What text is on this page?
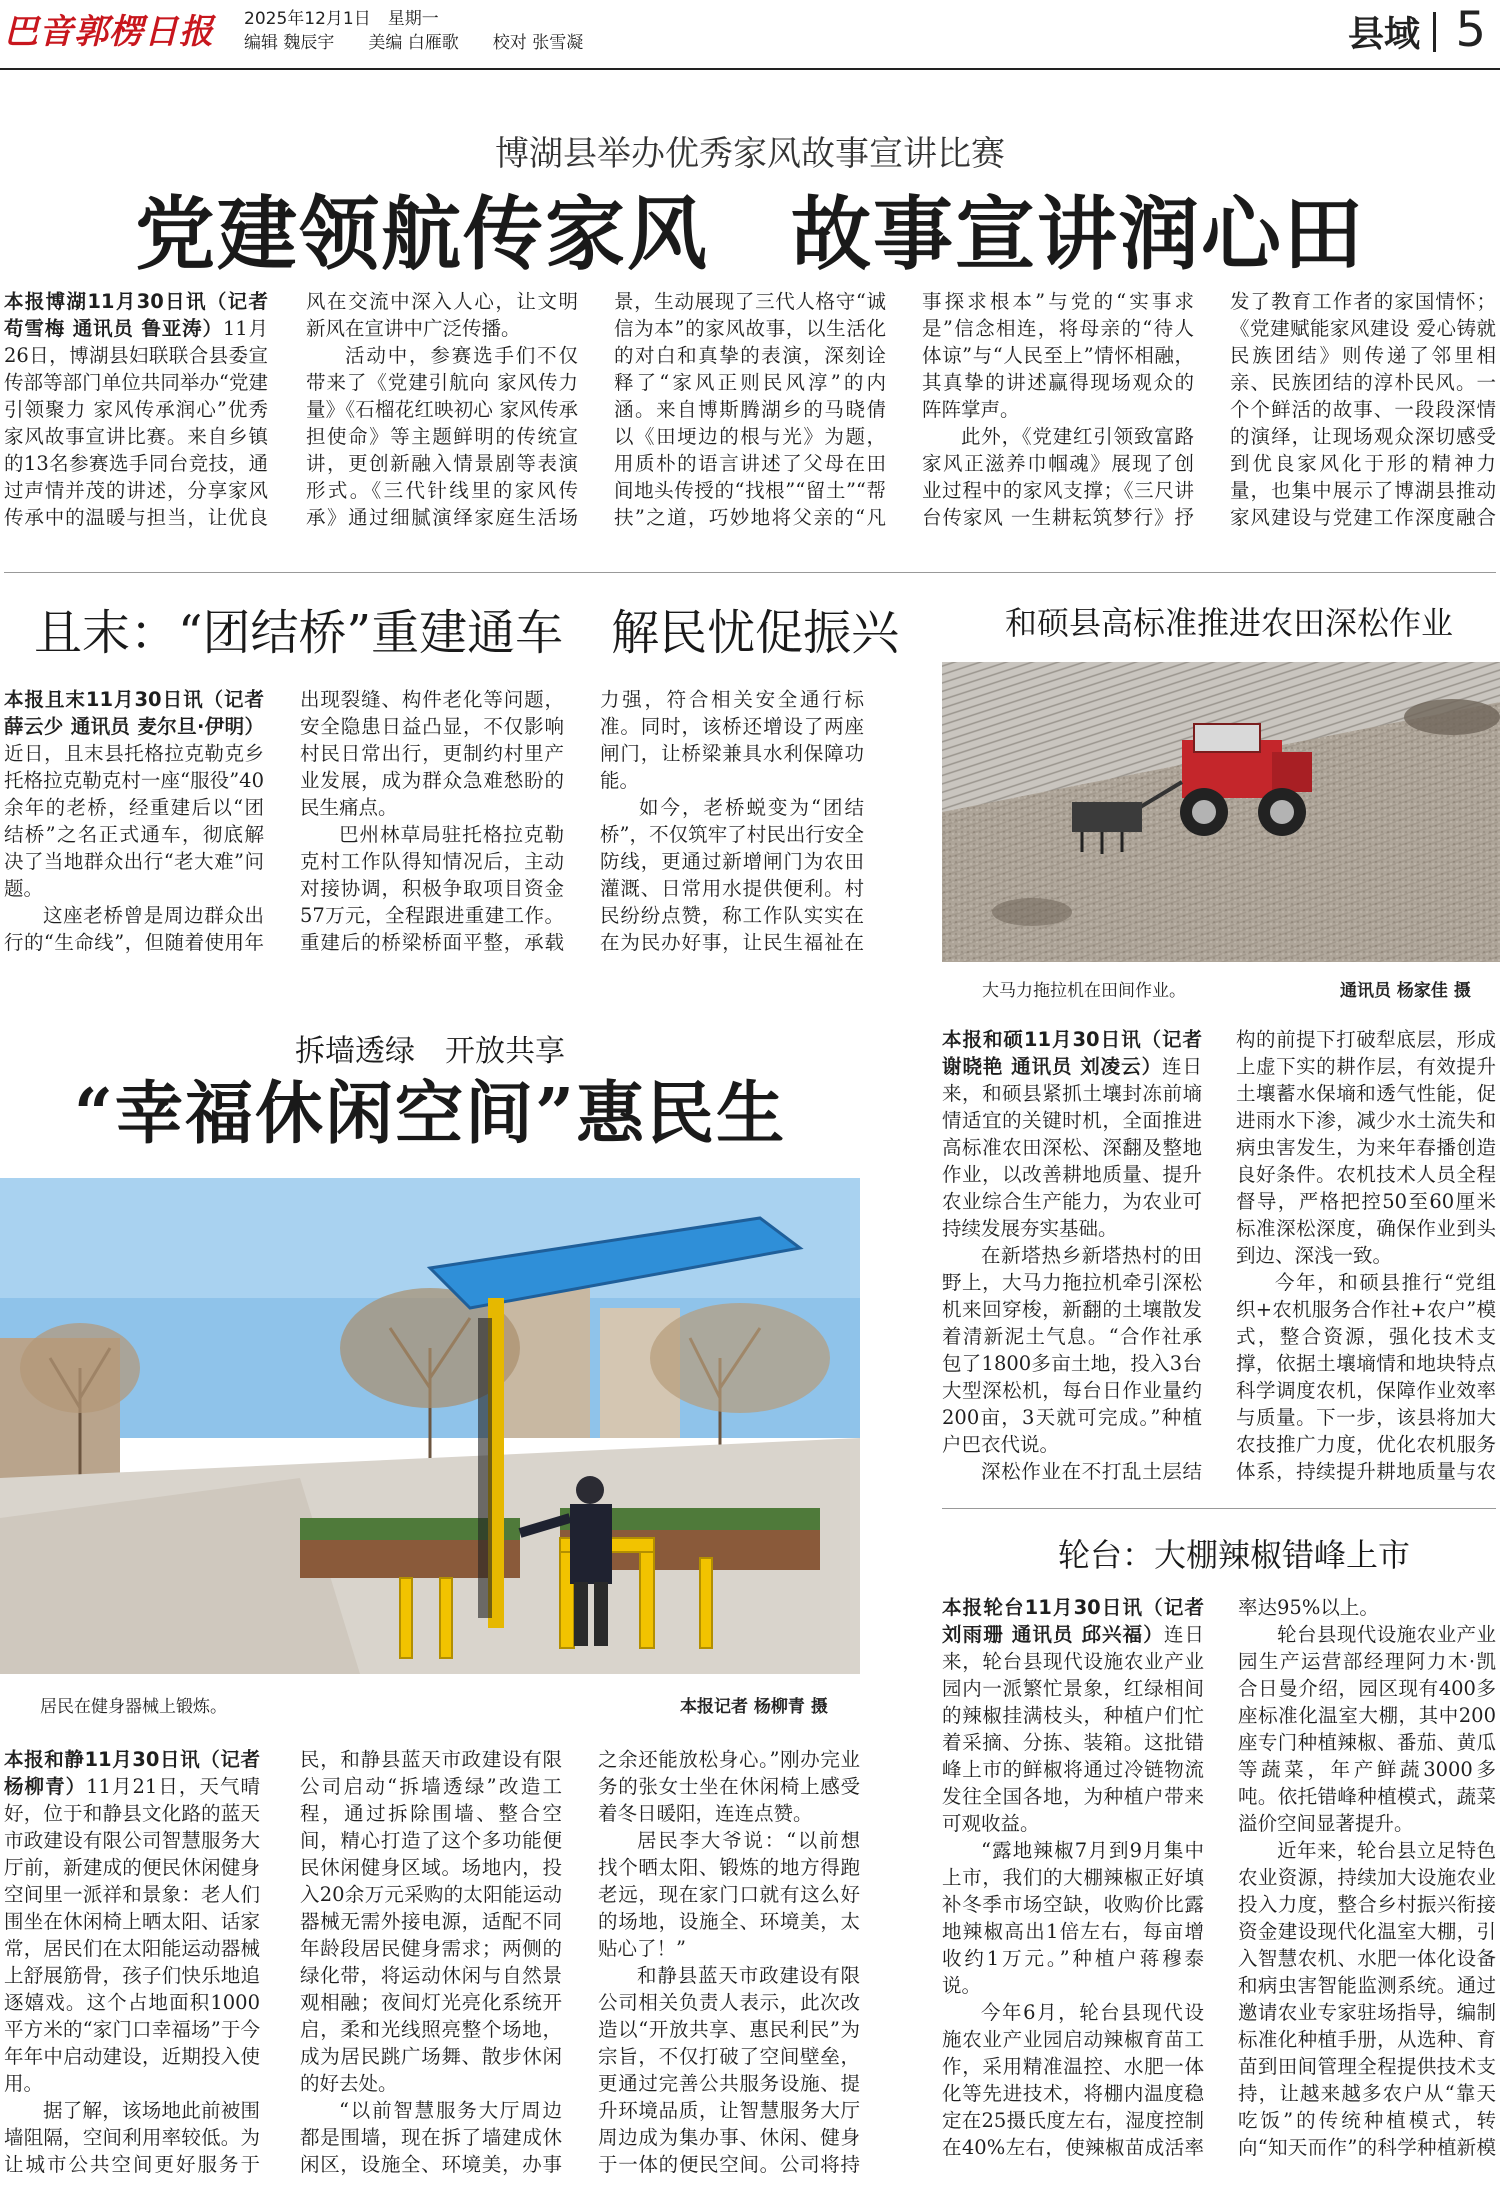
巴音郭楞日报 2025年12月1日　星期一
编辑 魏辰宇　　美编 白雁歌　　校对 张雪凝	县域 5
博湖县举办优秀家风故事宣讲比赛
党建领航传家风　故事宣讲润心田

本报博湖11月30日讯（记者 苟雪梅 通讯员 鲁亚涛）11月26日，博湖县妇联联合县委宣传部等部门单位共同举办“党建引领聚力 家风传承润心”优秀家风故事宣讲比赛。来自乡镇的13名参赛选手同台竞技，通过声情并茂的讲述，分享家风传承中的温暖与担当，让优良

风在交流中深入人心，让文明新风在宣讲中广泛传播。

活动中，参赛选手们不仅带来了《党建引航向 家风传力量》《石榴花红映初心 家风传承担使命》等主题鲜明的传统宣讲，更创新融入情景剧等表演形式。《三代针线里的家风传承》通过细腻演绎家庭生活场

景，生动展现了三代人格守“诚信为本”的家风故事，以生活化的对白和真挚的表演，深刻诠释了“家风正则民风淳”的内涵。来自博斯腾湖乡的马晓倩以《田埂边的根与光》为题，用质朴的语言讲述了父母在田间地头传授的“找根”“留土”“帮扶”之道，巧妙地将父亲的“凡

事探求根本”与党的“实事求是”信念相连，将母亲的“待人体谅”与“人民至上”情怀相融，其真挚的讲述赢得现场观众的阵阵掌声。

此外，《党建红引领致富路 家风正滋养巾帼魂》展现了创业过程中的家风支撑；《三尺讲台传家风 一生耕耘筑梦行》抒

发了教育工作者的家国情怀；《党建赋能家风建设 爱心铸就民族团结》则传递了邻里相亲、民族团结的淳朴民风。一个个鲜活的故事、一段段深情的演绎，让现场观众深切感受到优良家风化于形的精神力量，也集中展示了博湖县推动家风建设与党建工作深度融合

且末：“团结桥”重建通车　解民忧促振兴

本报且末11月30日讯（记者 薛云少 通讯员 麦尔旦·伊明）近日，且末县托格拉克勒克乡托格拉克勒克村一座“服役”40余年的老桥，经重建后以“团结桥”之名正式通车，彻底解决了当地群众出行“老大难”问题。

这座老桥曾是周边群众出行的“生命线”，但随着使用年

出现裂缝、构件老化等问题，安全隐患日益凸显，不仅影响村民日常出行，更制约村里产业发展，成为群众急难愁盼的民生痛点。

巴州林草局驻托格拉克勒克村工作队得知情况后，主动对接协调，积极争取项目资金57万元，全程跟进重建工作。重建后的桥梁桥面平整，承载

力强，符合相关安全通行标准。同时，该桥还增设了两座闸门，让桥梁兼具水利保障功能。

如今，老桥蜕变为“团结桥”，不仅筑牢了村民出行安全防线，更通过新增闸门为农田灌溉、日常用水提供便利。村民纷纷点赞，称工作队实实在在为民办好事，让民生福祉在

和硕县高标准推进农田深松作业
大马力拖拉机在田间作业。	通讯员 杨家佳 摄

本报和硕11月30日讯（记者 谢晓艳 通讯员 刘凌云）连日来，和硕县紧抓土壤封冻前墒情适宜的关键时机，全面推进高标准农田深松、深翻及整地作业，以改善耕地质量、提升农业综合生产能力，为农业可持续发展夯实基础。

在新塔热乡新塔热村的田野上，大马力拖拉机牵引深松机来回穿梭，新翻的土壤散发着清新泥土气息。“合作社承包了1800多亩土地，投入3台大型深松机，每台日作业量约200亩，3天就可完成。”种植户巴衣代说。

深松作业在不打乱土层结

构的前提下打破犁底层，形成上虚下实的耕作层，有效提升土壤蓄水保墒和透气性能，促进雨水下渗，减少水土流失和病虫害发生，为来年春播创造良好条件。农机技术人员全程督导，严格把控50至60厘米标准深松深度，确保作业到头到边、深浅一致。

今年，和硕县推行“党组织+农机服务合作社+农户”模式，整合资源，强化技术支撑，依据土壤墒情和地块特点科学调度农机，保障作业效率与质量。下一步，该县将加大农技推广力度，优化农机服务体系，持续提升耕地质量与农

拆墙透绿　开放共享
“幸福休闲空间”惠民生
居民在健身器械上锻炼。	本报记者 杨柳青 摄

本报和静11月30日讯（记者 杨柳青）11月21日，天气晴好，位于和静县文化路的蓝天市政建设有限公司智慧服务大厅前，新建成的便民休闲健身空间里一派祥和景象：老人们围坐在休闲椅上晒太阳、话家常，居民们在太阳能运动器械上舒展筋骨，孩子们快乐地追逐嬉戏。这个占地面积1000平方米的“家门口幸福场”于今年年中启动建设，近期投入使用。

据了解，该场地此前被围墙阻隔，空间利用率较低。为让城市公共空间更好服务于

民，和静县蓝天市政建设有限公司启动“拆墙透绿”改造工程，通过拆除围墙、整合空间，精心打造了这个多功能便民休闲健身区域。场地内，投入20余万元采购的太阳能运动器械无需外接电源，适配不同年龄段居民健身需求；两侧的绿化带，将运动休闲与自然景观相融；夜间灯光亮化系统开启，柔和光线照亮整个场地，成为居民跳广场舞、散步休闲的好去处。

“以前智慧服务大厅周边都是围墙，现在拆了墙建成休闲区，设施全、环境美，办事

之余还能放松身心。”刚办完业务的张女士坐在休闲椅上感受着冬日暖阳，连连点赞。

居民李大爷说：“以前想找个晒太阳、锻炼的地方得跑老远，现在家门口就有这么好的场地，设施全、环境美，太贴心了！”

和静县蓝天市政建设有限公司相关负责人表示，此次改造以“开放共享、惠民利民”为宗旨，不仅打破了空间壁垒，更通过完善公共服务设施、提升环境品质，让智慧服务大厅周边成为集办事、休闲、健身于一体的便民空间。公司将持

轮台：大棚辣椒错峰上市

本报轮台11月30日讯（记者 刘雨珊 通讯员 邱兴福）连日来，轮台县现代设施农业产业园内一派繁忙景象，红绿相间的辣椒挂满枝头，种植户们忙着采摘、分拣、装箱。这批错峰上市的鲜椒将通过冷链物流发往全国各地，为种植户带来可观收益。

“露地辣椒7月到9月集中上市，我们的大棚辣椒正好填补冬季市场空缺，收购价比露地辣椒高出1倍左右，每亩增收约1万元。”种植户蒋穆泰说。

今年6月，轮台县现代设施农业产业园启动辣椒育苗工作，采用精准温控、水肥一体化等先进技术，将棚内温度稳定在25摄氏度左右，湿度控制在40%左右，使辣椒苗成活率

率达95%以上。

轮台县现代设施农业产业园生产运营部经理阿力木·凯合日曼介绍，园区现有400多座标准化温室大棚，其中200座专门种植辣椒、番茄、黄瓜等蔬菜，年产鲜蔬3000多吨。依托错峰种植模式，蔬菜溢价空间显著提升。

近年来，轮台县立足特色农业资源，持续加大设施农业投入力度，整合乡村振兴衔接资金建设现代化温室大棚，引入智慧农机、水肥一体化设备和病虫害智能监测系统。通过邀请农业专家驻场指导，编制标准化种植手册，从选种、育苗到田间管理全程提供技术支持，让越来越多农户从“靠天吃饭”的传统种植模式，转向“知天而作”的科学种植新模
